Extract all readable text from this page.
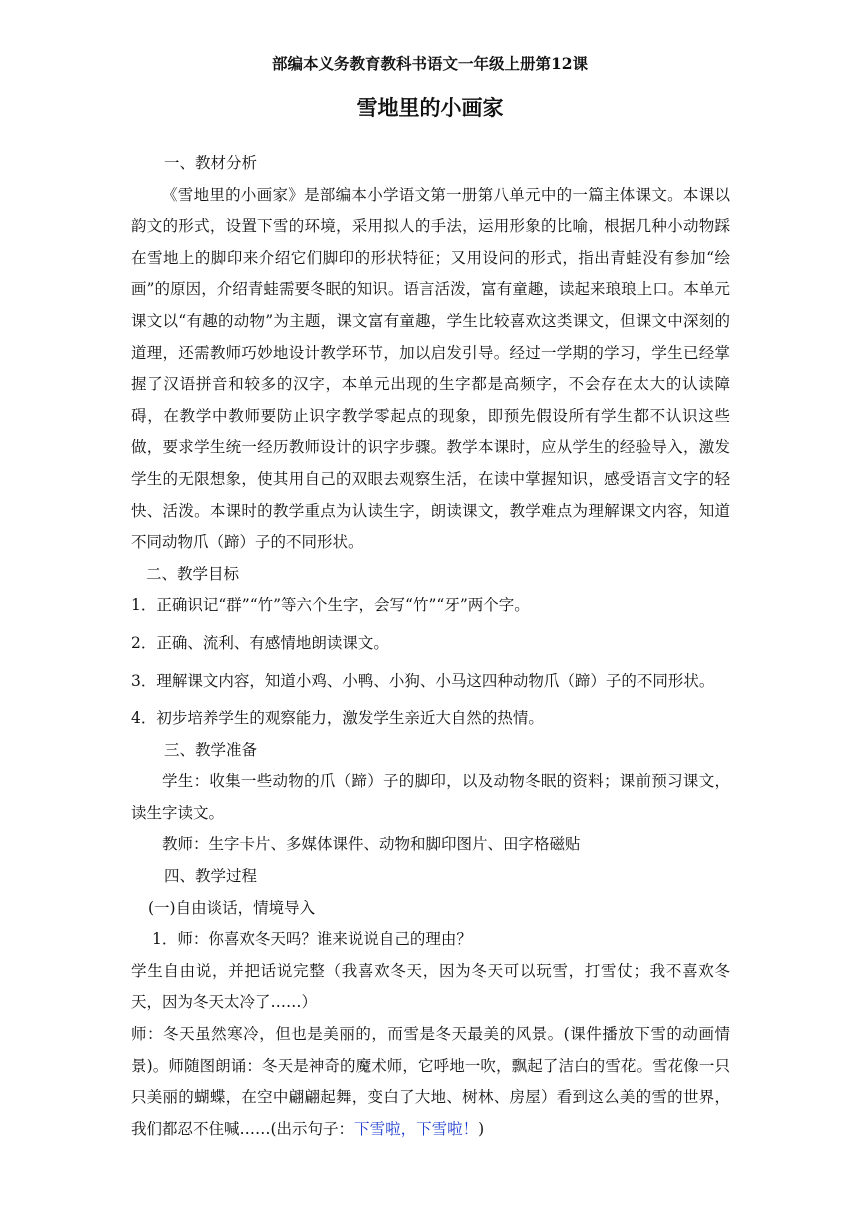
部编本义务教育教科书语文一年级上册第12课
雪地里的小画家

一、教材分析

《雪地里的小画家》是部编本小学语文第一册第八单元中的一篇主体课文。本课以韵文的形式，设置下雪的环境，采用拟人的手法，运用形象的比喻，根据几种小动物踩在雪地上的脚印来介绍它们脚印的形状特征；又用设问的形式，指出青蛙没有参加“绘画”的原因，介绍青蛙需要冬眠的知识。语言活泼，富有童趣，读起来琅琅上口。本单元课文以“有趣的动物”为主题，课文富有童趣，学生比较喜欢这类课文，但课文中深刻的道理，还需教师巧妙地设计教学环节，加以启发引导。经过一学期的学习，学生已经掌握了汉语拼音和较多的汉字，本单元出现的生字都是高频字，不会存在太大的认读障碍，在教学中教师要防止识字教学零起点的现象，即预先假设所有学生都不认识这些做，要求学生统一经历教师设计的识字步骤。教学本课时，应从学生的经验导入，激发学生的无限想象，使其用自己的双眼去观察生活，在读中掌握知识，感受语言文字的轻快、活泼。本课时的教学重点为认读生字，朗读课文，教学难点为理解课文内容，知道不同动物爪（蹄）子的不同形状。

二、教学目标

1．正确识记“群”“竹”等六个生字，会写“竹”“牙”两个字。

2．正确、流利、有感情地朗读课文。

3．理解课文内容，知道小鸡、小鸭、小狗、小马这四种动物爪（蹄）子的不同形状。

4．初步培养学生的观察能力，激发学生亲近大自然的热情。

三、教学准备

学生：收集一些动物的爪（蹄）子的脚印，以及动物冬眠的资料；课前预习课文，读生字读文。

教师：生字卡片、多媒体课件、动物和脚印图片、田字格磁贴

四、教学过程

(一)自由谈话，情境导入

1．师：你喜欢冬天吗？谁来说说自己的理由？

学生自由说，并把话说完整（我喜欢冬天，因为冬天可以玩雪，打雪仗；我不喜欢冬天，因为冬天太冷了……）

师：冬天虽然寒冷，但也是美丽的，而雪是冬天最美的风景。(课件播放下雪的动画情景)。师随图朗诵：冬天是神奇的魔术师，它呼地一吹，飘起了洁白的雪花。雪花像一只只美丽的蝴蝶，在空中翩翩起舞，变白了大地、树林、房屋）看到这么美的雪的世界，我们都忍不住喊……(出示句子：下雪啦，下雪啦！)
